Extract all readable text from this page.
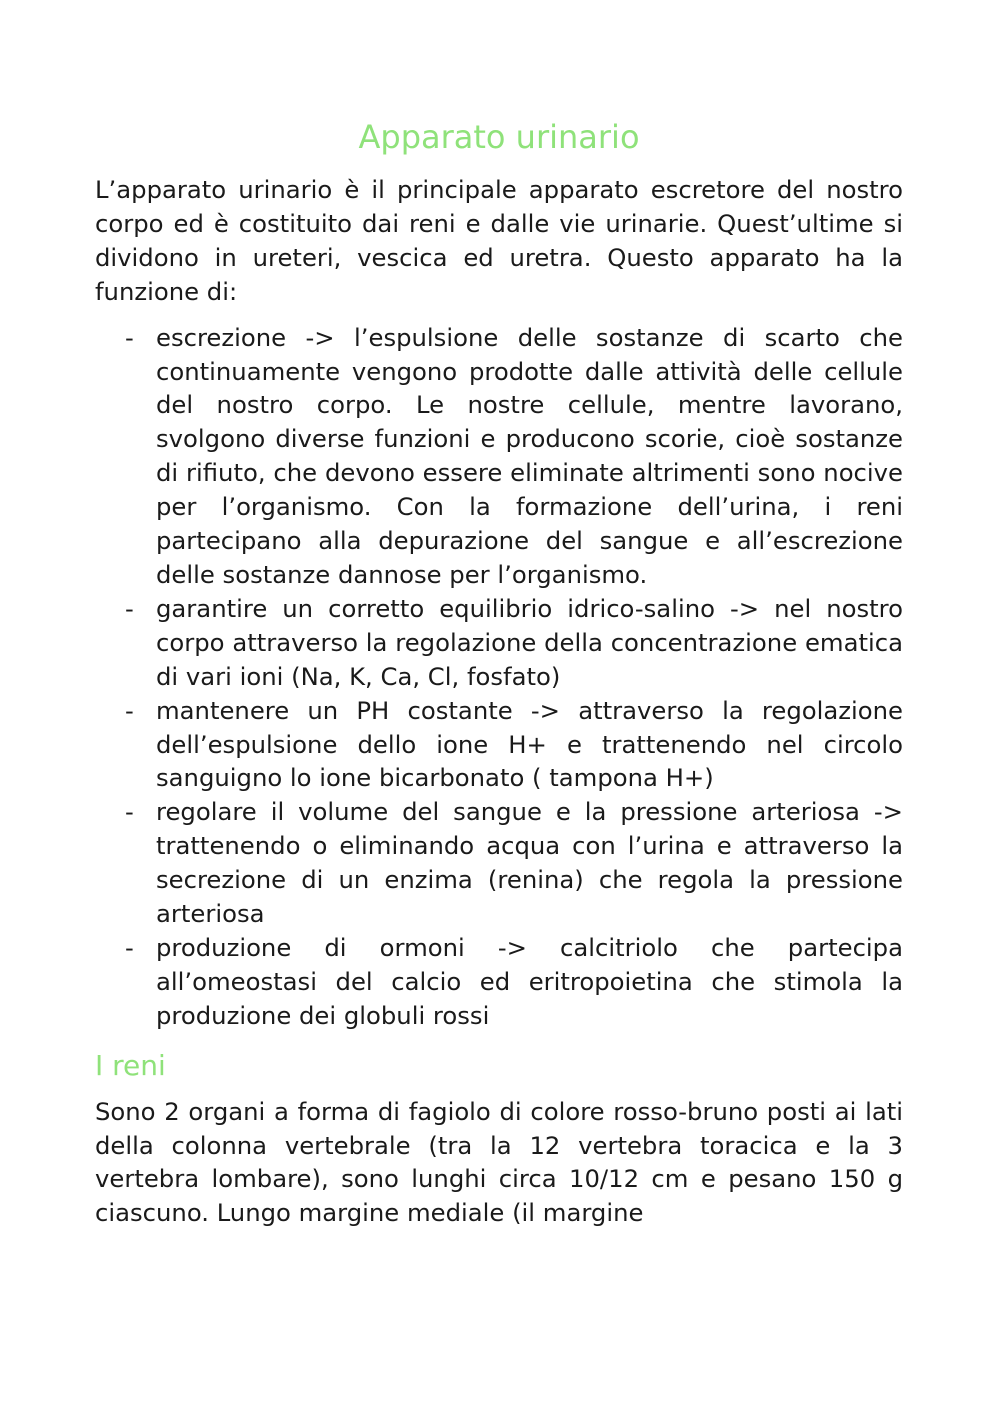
Apparato urinario

L’apparato urinario è il principale apparato escretore del nostro corpo ed è costituito dai reni e dalle vie urinarie. Quest’ultime si dividono in ureteri, vescica ed uretra. Questo apparato ha la funzione di:

- escrezione -> l’espulsione delle sostanze di scarto che continuamente vengono prodotte dalle attività delle cellule del nostro corpo. Le nostre cellule, mentre lavorano, svolgono diverse funzioni e producono scorie, cioè sostanze di rifiuto, che devono essere eliminate altrimenti sono nocive per l’organismo. Con la formazione dell’urina, i reni partecipano alla depurazione del sangue e all’escrezione delle sostanze dannose per l’organismo.
- garantire un corretto equilibrio idrico-salino -> nel nostro corpo attraverso la regolazione della concentrazione ematica di vari ioni (Na, K, Ca, Cl, fosfato)
- mantenere un PH costante -> attraverso la regolazione dell’espulsione dello ione H+ e trattenendo nel circolo sanguigno lo ione bicarbonato ( tampona H+)
- regolare il volume del sangue e la pressione arteriosa -> trattenendo o eliminando acqua con l’urina e attraverso la secrezione di un enzima (renina) che regola la pressione arteriosa
- produzione di ormoni -> calcitriolo che partecipa all’omeostasi del calcio ed eritropoietina che stimola la produzione dei globuli rossi
I reni

Sono 2 organi a forma di fagiolo di colore rosso-bruno posti ai lati della colonna vertebrale (tra la 12 vertebra toracica e la 3 vertebra lombare), sono lunghi circa 10/12 cm e pesano 150 g ciascuno. Lungo margine mediale (il margine
